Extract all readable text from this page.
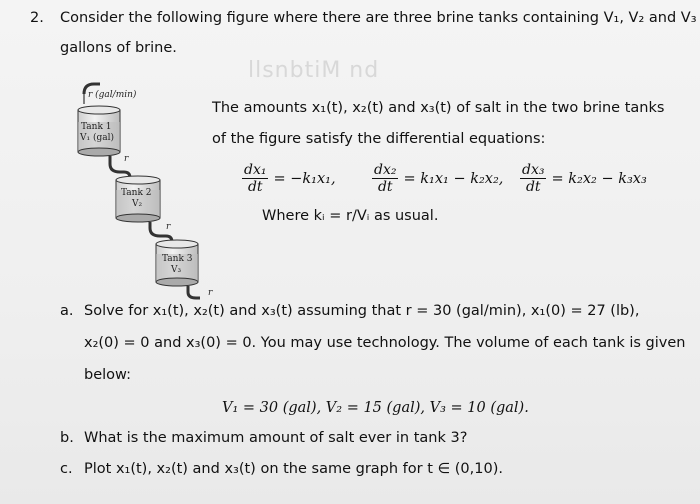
llsnbtiM nd
2. Consider the following figure where there are three brine tanks containing V₁, V₂ and V₃
gallons of brine.
r (gal/min)
Tank 1
V₁ (gal)
r
Tank 2
V₂
r
Tank 3
V₃
r
The amounts x₁(t), x₂(t) and x₃(t) of salt in the two brine tanks
of the figure satisfy the differential equations:
$\frac{\text{dx₁}}{dt} = -k_1x_1$,	$\frac{\text{dx₂}}{dt} = k_1x_1 - k_2x_2$, $\frac{\text{dx₃}}{dt} = k_2x_2 - k_3x_3$
Where kᵢ = r/Vᵢ as usual.
a. Solve for x₁(t), x₂(t) and x₃(t) assuming that r = 30 (gal/min), x₁(0) = 27 (lb),
x₂(0) = 0 and x₃(0) = 0. You may use technology. The volume of each tank is given
below:
V₁ = 30 (gal), V₂ = 15 (gal), V₃ = 10 (gal).
b. What is the maximum amount of salt ever in tank 3?
c. Plot x₁(t), x₂(t) and x₃(t) on the same graph for t ∈ (0,10).
